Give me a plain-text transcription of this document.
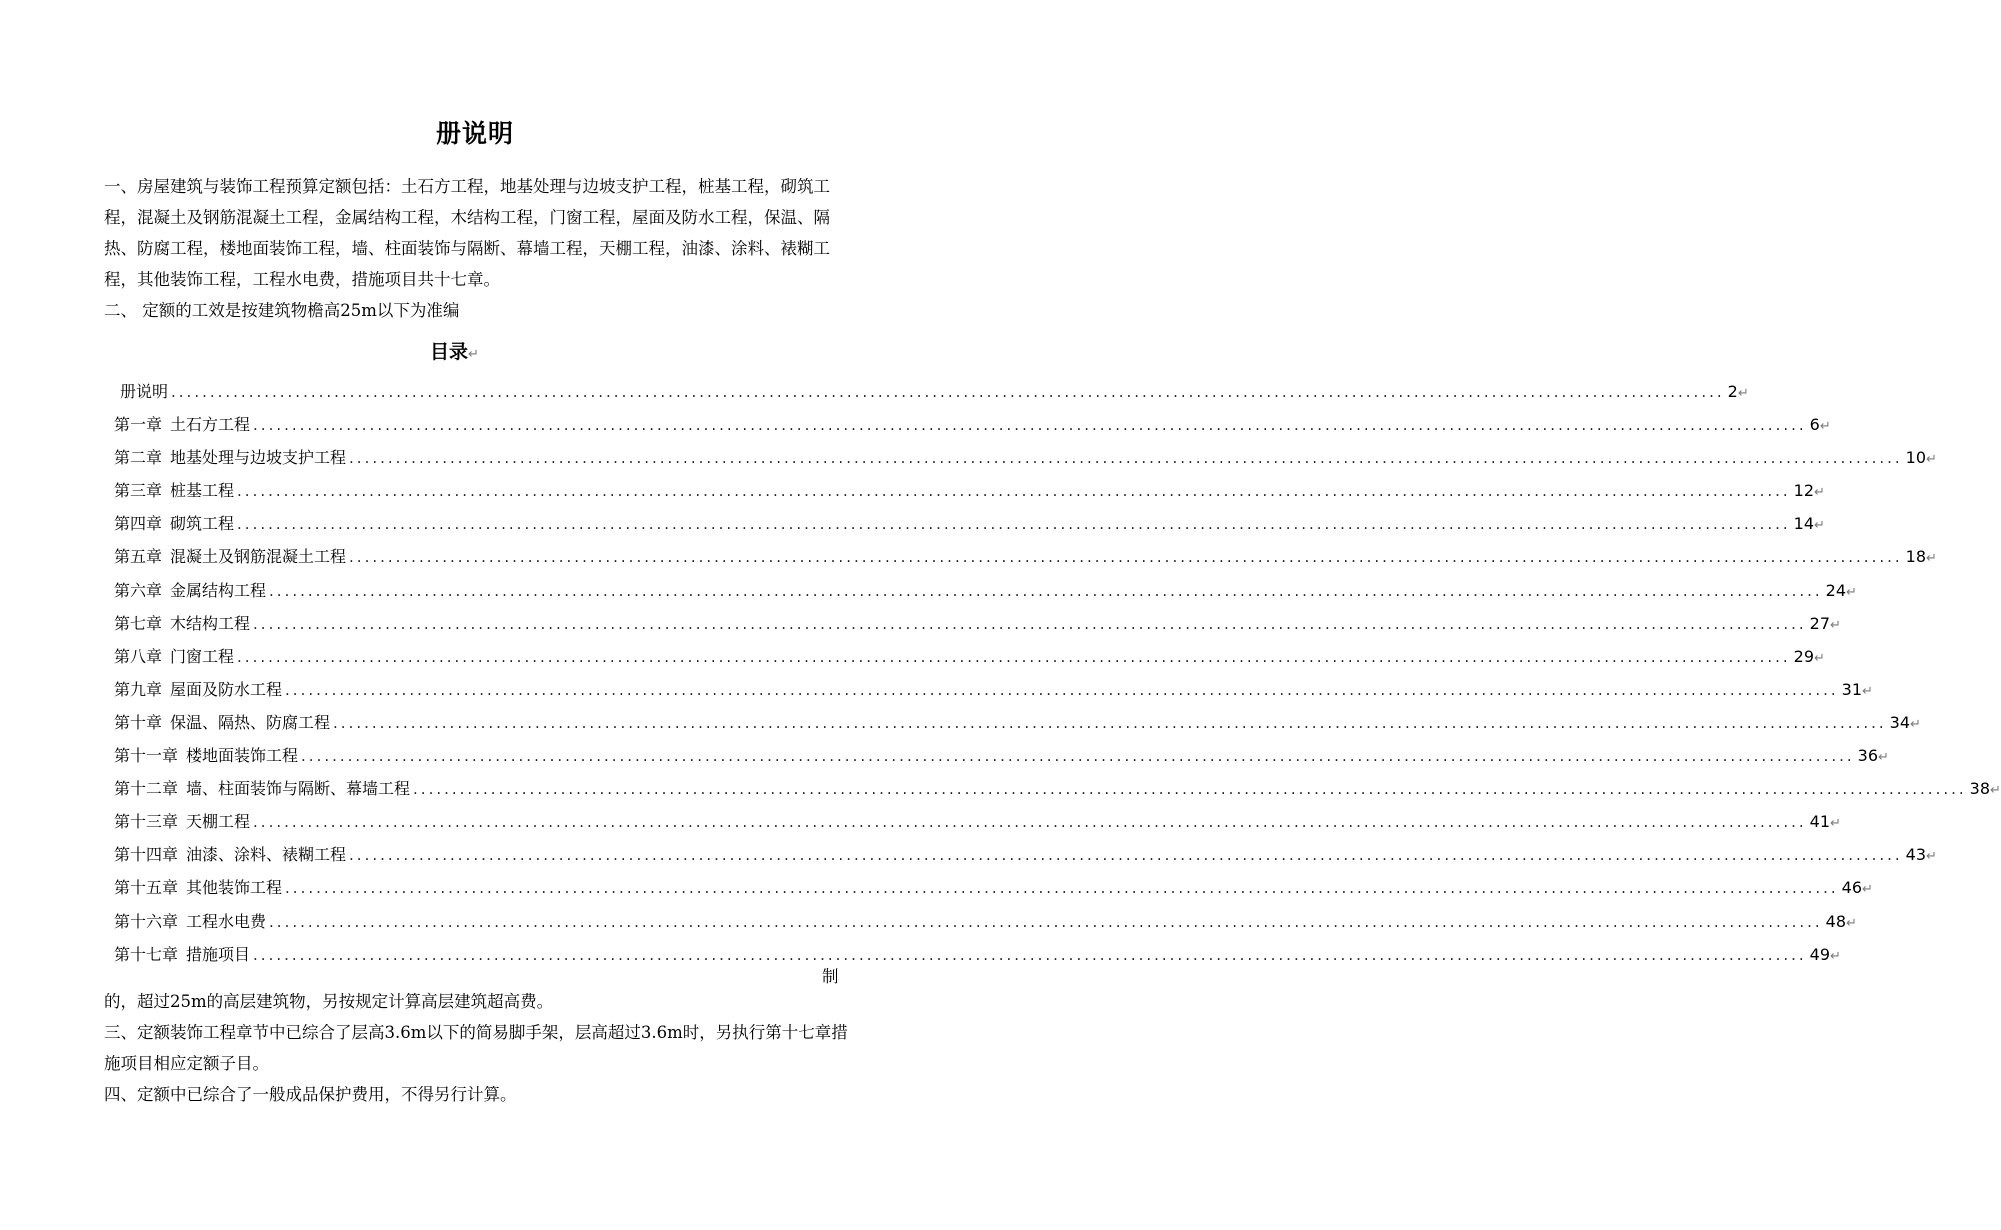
册说明
一、房屋建筑与装饰工程预算定额包括：土石方工程，地基处理与边坡支护工程，桩基工程，砌筑工程，混凝土及钢筋混凝土工程，金属结构工程，木结构工程，门窗工程，屋面及防水工程，保温、隔热、防腐工程，楼地面装饰工程，墙、柱面装饰与隔断、幕墙工程，天棚工程，油漆、涂料、裱糊工程，其他装饰工程，工程水电费，措施项目共十七章。
二、 定额的工效是按建筑物檐高25m以下为准编
目录↵
册说明 ........................................................................................................................................................................................................ 2↵
第一章 土石方工程 ........................................................................................................................................................................................................ 6↵
第二章 地基处理与边坡支护工程 ........................................................................................................................................................................................................ 10↵
第三章 桩基工程 ........................................................................................................................................................................................................ 12↵
第四章 砌筑工程 ........................................................................................................................................................................................................ 14↵
第五章 混凝土及钢筋混凝土工程 ........................................................................................................................................................................................................ 18↵
第六章 金属结构工程 ........................................................................................................................................................................................................ 24↵
第七章 木结构工程 ........................................................................................................................................................................................................ 27↵
第八章 门窗工程 ........................................................................................................................................................................................................ 29↵
第九章 屋面及防水工程 ........................................................................................................................................................................................................ 31↵
第十章 保温、隔热、防腐工程 ........................................................................................................................................................................................................ 34↵
第十一章 楼地面装饰工程 ........................................................................................................................................................................................................ 36↵
第十二章 墙、柱面装饰与隔断、幕墙工程 ........................................................................................................................................................................................................ 38↵
第十三章 天棚工程 ........................................................................................................................................................................................................ 41↵
第十四章 油漆、涂料、裱糊工程 ........................................................................................................................................................................................................ 43↵
第十五章 其他装饰工程 ........................................................................................................................................................................................................ 46↵
第十六章 工程水电费 ........................................................................................................................................................................................................ 48↵
第十七章 措施项目 ........................................................................................................................................................................................................ 49↵
制
的，超过25m的高层建筑物，另按规定计算高层建筑超高费。
三、定额装饰工程章节中已综合了层高3.6m以下的简易脚手架，层高超过3.6m时，另执行第十七章措施项目相应定额子目。
四、定额中已综合了一般成品保护费用，不得另行计算。
